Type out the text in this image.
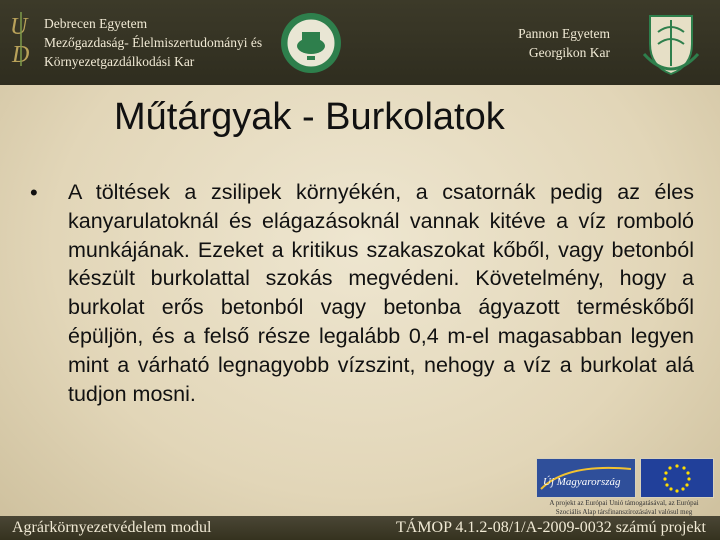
U
D
Debrecen Egyetem
Mezőgazdaság- Élelmiszertudományi és
Környezetgazdálkodási Kar
Pannon Egyetem
Georgikon Kar
Műtárgyak - Burkolatok
• A töltések a zsilipek környékén, a csatornák pedig az éles kanyarulatoknál és elágazásoknál vannak kitéve a víz romboló munkájának. Ezeket a kritikus szakaszokat kőből, vagy betonból készült burkolattal szokás megvédeni. Követelmény, hogy a burkolat erős betonból vagy betonba ágyazott terméskőből épüljön, és a felső része legalább 0,4 m-el magasabban legyen mint a várható legnagyobb vízszint, nehogy a víz a burkolat alá tudjon mosni.
Új Magyarország
A projekt az Európai Unió támogatásával, az Európai Szociális Alap társfinanszírozásával valósul meg
Agrárkörnyezetvédelem modul	TÁMOP 4.1.2-08/1/A-2009-0032 számú projekt
